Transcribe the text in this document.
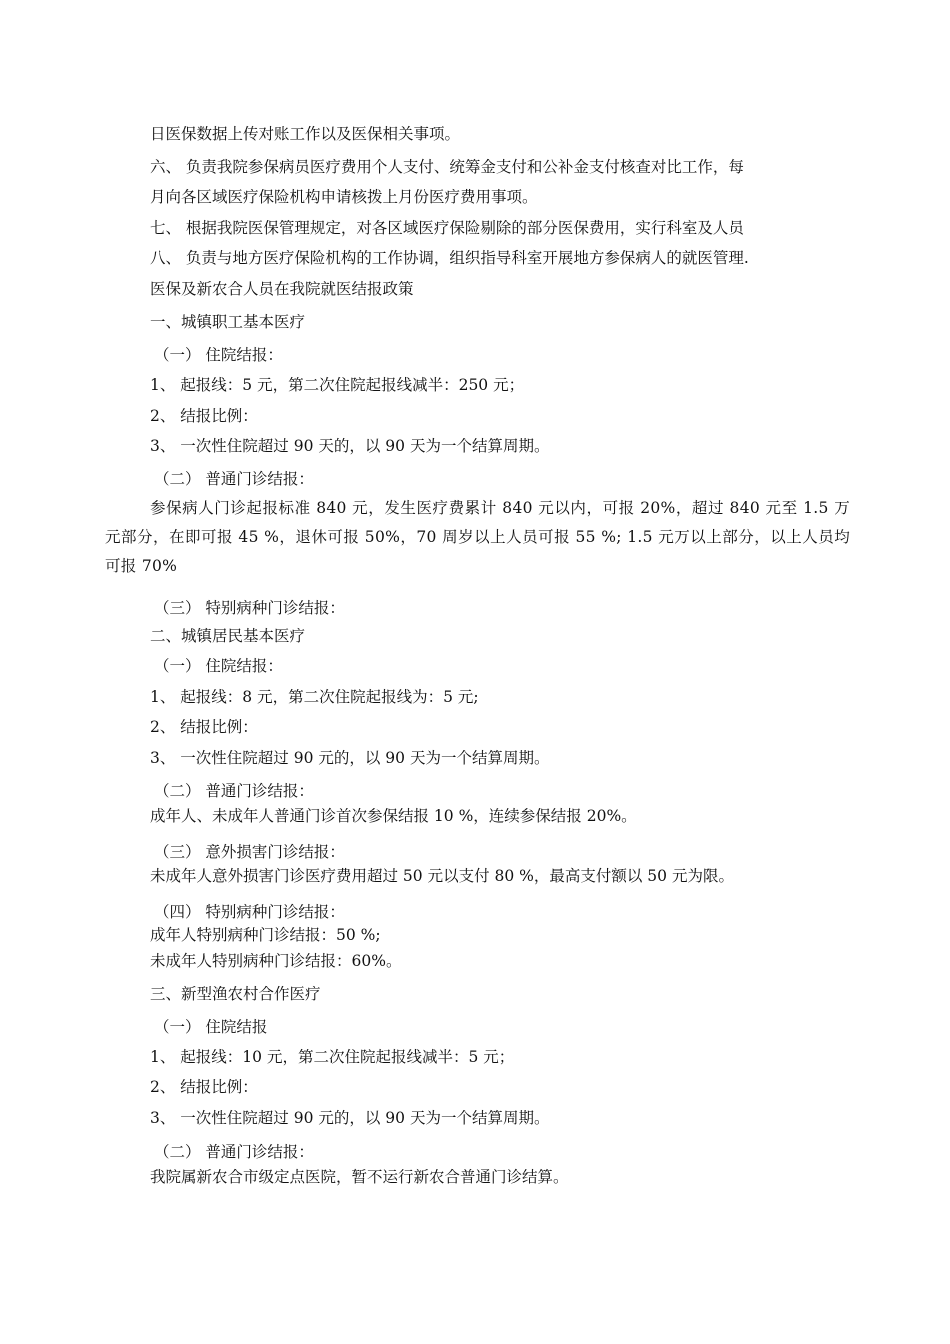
日医保数据上传对账工作以及医保相关事项。
六、 负责我院参保病员医疗费用个人支付、统筹金支付和公补金支付核查对比工作，每
月向各区域医疗保险机构申请核拨上月份医疗费用事项。
七、 根据我院医保管理规定，对各区域医疗保险剔除的部分医保费用，实行科室及人员
八、 负责与地方医疗保险机构的工作协调，组织指导科室开展地方参保病人的就医管理.
医保及新农合人员在我院就医结报政策
一、城镇职工基本医疗
（一） 住院结报：
1、 起报线：5 元，第二次住院起报线减半：250 元；
2、 结报比例：
3、 一次性住院超过 90 天的，以 90 天为一个结算周期。
（二） 普通门诊结报：
参保病人门诊起报标准 840 元，发生医疗费累计 840 元以内，可报 20%，超过 840 元至 1.5 万元部分，在即可报 45 %，退休可报 50%，70 周岁以上人员可报 55 %; 1.5 元万以上部分，以上人员均可报 70%
（三） 特别病种门诊结报：
二、城镇居民基本医疗
（一） 住院结报：
1、 起报线：8 元，第二次住院起报线为：5 元;
2、 结报比例：
3、 一次性住院超过 90 元的，以 90 天为一个结算周期。
（二） 普通门诊结报：
成年人、未成年人普通门诊首次参保结报 10 %，连续参保结报 20%。
（三） 意外损害门诊结报：
未成年人意外损害门诊医疗费用超过 50 元以支付 80 %，最高支付额以 50 元为限。
（四） 特别病种门诊结报：
成年人特别病种门诊结报：50 %;
未成年人特别病种门诊结报：60%。
三、新型渔农村合作医疗
（一） 住院结报
1、 起报线：10 元，第二次住院起报线减半：5 元；
2、 结报比例：
3、 一次性住院超过 90 元的，以 90 天为一个结算周期。
（二） 普通门诊结报：
我院属新农合市级定点医院，暂不运行新农合普通门诊结算。
